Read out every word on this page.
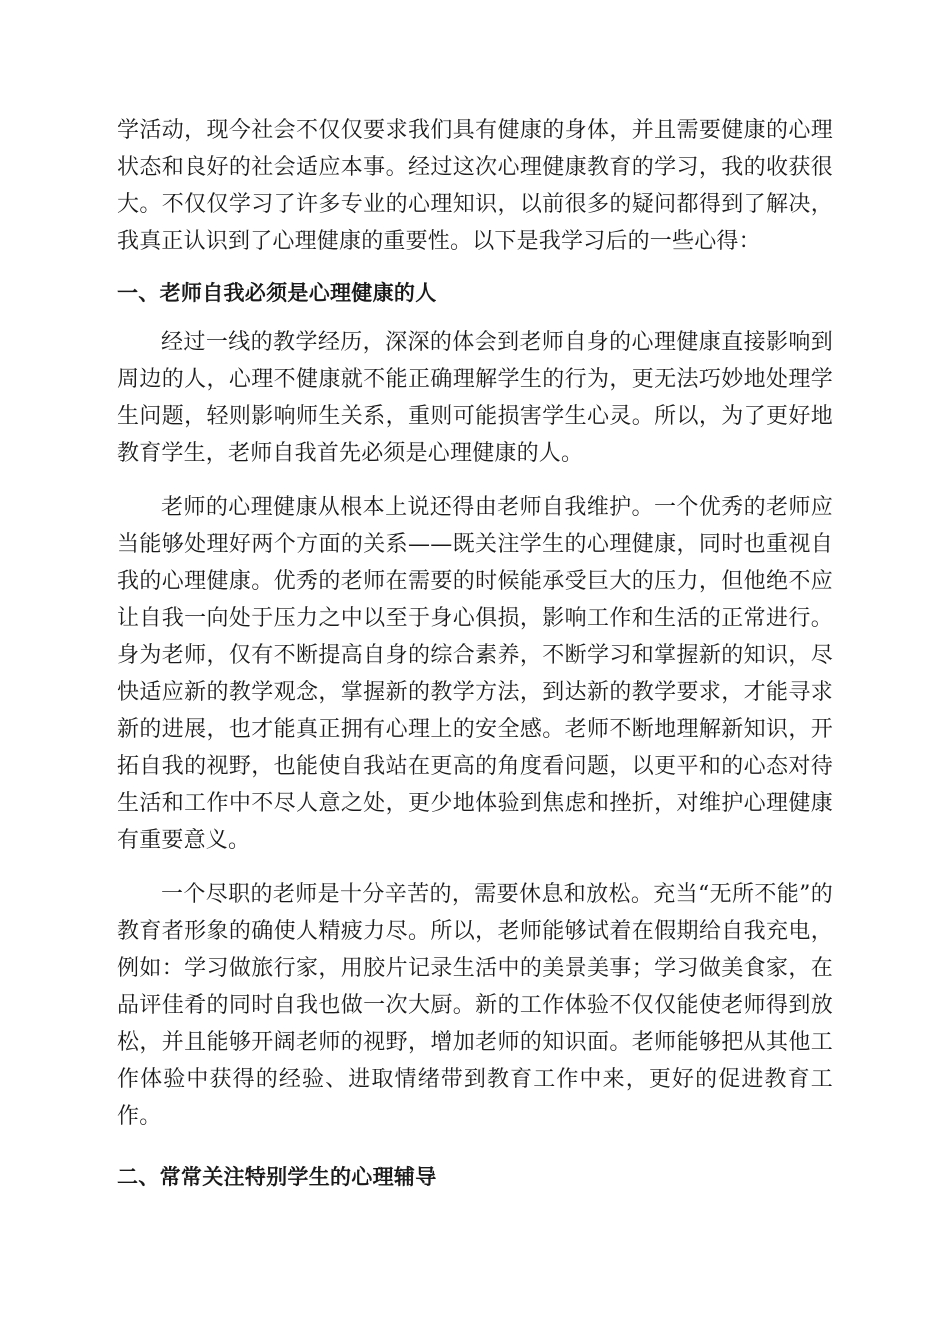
学活动，现今社会不仅仅要求我们具有健康的身体，并且需要健康的心理状态和良好的社会适应本事。经过这次心理健康教育的学习，我的收获很大。不仅仅学习了许多专业的心理知识，以前很多的疑问都得到了解决，我真正认识到了心理健康的重要性。以下是我学习后的一些心得：

一、老师自我必须是心理健康的人

经过一线的教学经历，深深的体会到老师自身的心理健康直接影响到周边的人，心理不健康就不能正确理解学生的行为，更无法巧妙地处理学生问题，轻则影响师生关系，重则可能损害学生心灵。所以，为了更好地教育学生，老师自我首先必须是心理健康的人。

老师的心理健康从根本上说还得由老师自我维护。一个优秀的老师应当能够处理好两个方面的关系——既关注学生的心理健康，同时也重视自我的心理健康。优秀的老师在需要的时候能承受巨大的压力，但他绝不应让自我一向处于压力之中以至于身心俱损，影响工作和生活的正常进行。身为老师，仅有不断提高自身的综合素养，不断学习和掌握新的知识，尽快适应新的教学观念，掌握新的教学方法，到达新的教学要求，才能寻求新的进展，也才能真正拥有心理上的安全感。老师不断地理解新知识，开拓自我的视野，也能使自我站在更高的角度看问题，以更平和的心态对待生活和工作中不尽人意之处，更少地体验到焦虑和挫折，对维护心理健康有重要意义。

一个尽职的老师是十分辛苦的，需要休息和放松。充当“无所不能”的教育者形象的确使人精疲力尽。所以，老师能够试着在假期给自我充电，例如：学习做旅行家，用胶片记录生活中的美景美事；学习做美食家，在品评佳肴的同时自我也做一次大厨。新的工作体验不仅仅能使老师得到放松，并且能够开阔老师的视野，增加老师的知识面。老师能够把从其他工作体验中获得的经验、进取情绪带到教育工作中来，更好的促进教育工作。

二、常常关注特别学生的心理辅导
